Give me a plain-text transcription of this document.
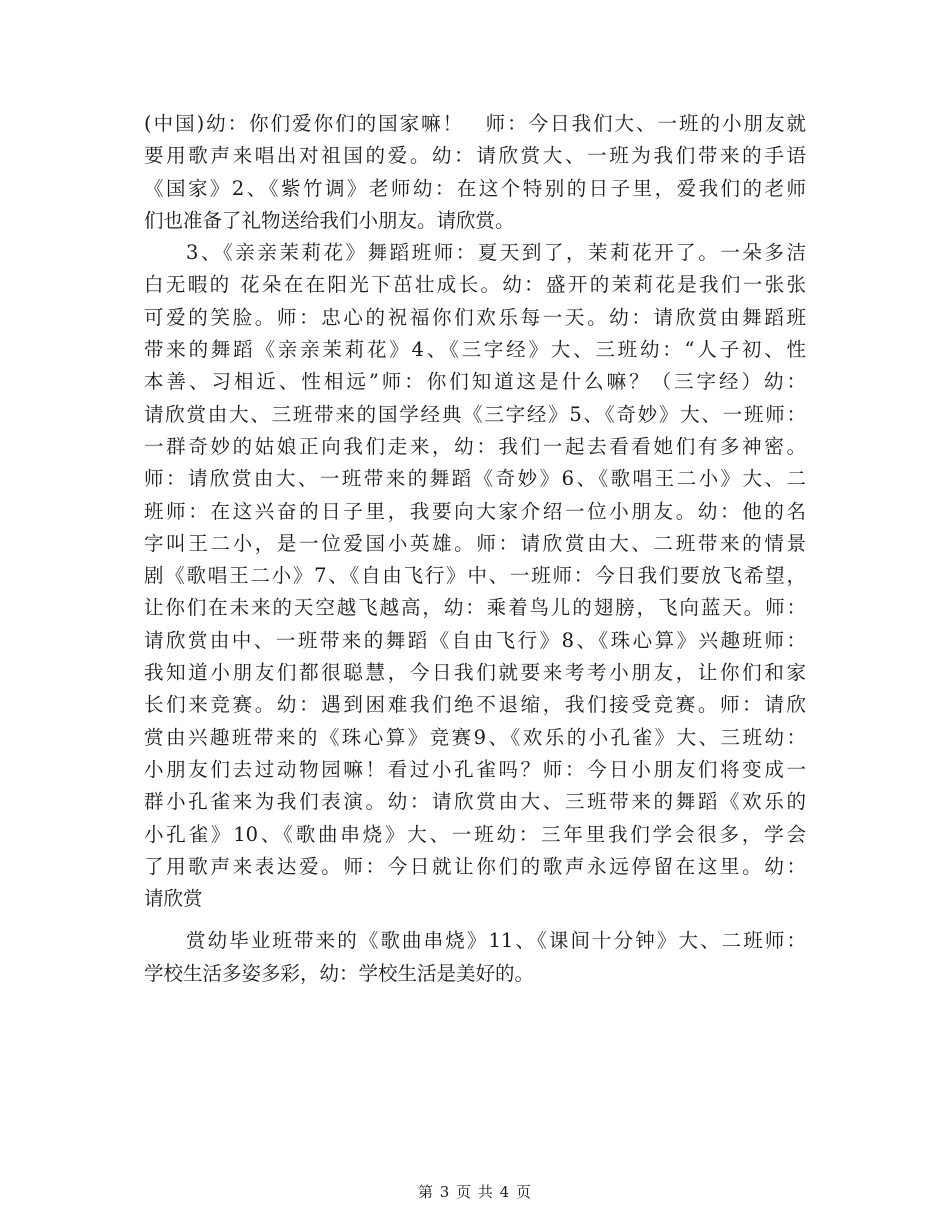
(中国)幼：你们爱你们的国家嘛！　师：今日我们大、一班的小朋友就
要用歌声来唱出对祖国的爱。幼：请欣赏大、一班为我们带来的手语
《国家》2、《紫竹调》老师幼：在这个特别的日子里，爱我们的老师
们也准备了礼物送给我们小朋友。请欣赏。
3、《亲亲茉莉花》舞蹈班师：夏天到了，茉莉花开了。一朵多洁
白无暇的 花朵在在阳光下茁壮成长。幼：盛开的茉莉花是我们一张张
可爱的笑脸。师：忠心的祝福你们欢乐每一天。幼：请欣赏由舞蹈班
带来的舞蹈《亲亲茉莉花》4、《三字经》大、三班幼：“人子初、性
本善、习相近、性相远”师：你们知道这是什么嘛？（三字经）幼：
请欣赏由大、三班带来的国学经典《三字经》5、《奇妙》大、一班师：
一群奇妙的姑娘正向我们走来，幼：我们一起去看看她们有多神密。
师：请欣赏由大、一班带来的舞蹈《奇妙》6、《歌唱王二小》大、二
班师：在这兴奋的日子里，我要向大家介绍一位小朋友。幼：他的名
字叫王二小，是一位爱国小英雄。师：请欣赏由大、二班带来的情景
剧《歌唱王二小》7、《自由飞行》中、一班师：今日我们要放飞希望，
让你们在未来的天空越飞越高，幼：乘着鸟儿的翅膀，飞向蓝天。师：
请欣赏由中、一班带来的舞蹈《自由飞行》8、《珠心算》兴趣班师：
我知道小朋友们都很聪慧，今日我们就要来考考小朋友，让你们和家
长们来竞赛。幼：遇到困难我们绝不退缩，我们接受竞赛。师：请欣
赏由兴趣班带来的《珠心算》竞赛9、《欢乐的小孔雀》大、三班幼：
小朋友们去过动物园嘛！看过小孔雀吗？师：今日小朋友们将变成一
群小孔雀来为我们表演。幼：请欣赏由大、三班带来的舞蹈《欢乐的
小孔雀》10、《歌曲串烧》大、一班幼：三年里我们学会很多，学会
了用歌声来表达爱。师：今日就让你们的歌声永远停留在这里。幼：
请欣赏
赏幼毕业班带来的《歌曲串烧》11、《课间十分钟》大、二班师：
学校生活多姿多彩，幼：学校生活是美好的。
第 3 页 共 4 页
